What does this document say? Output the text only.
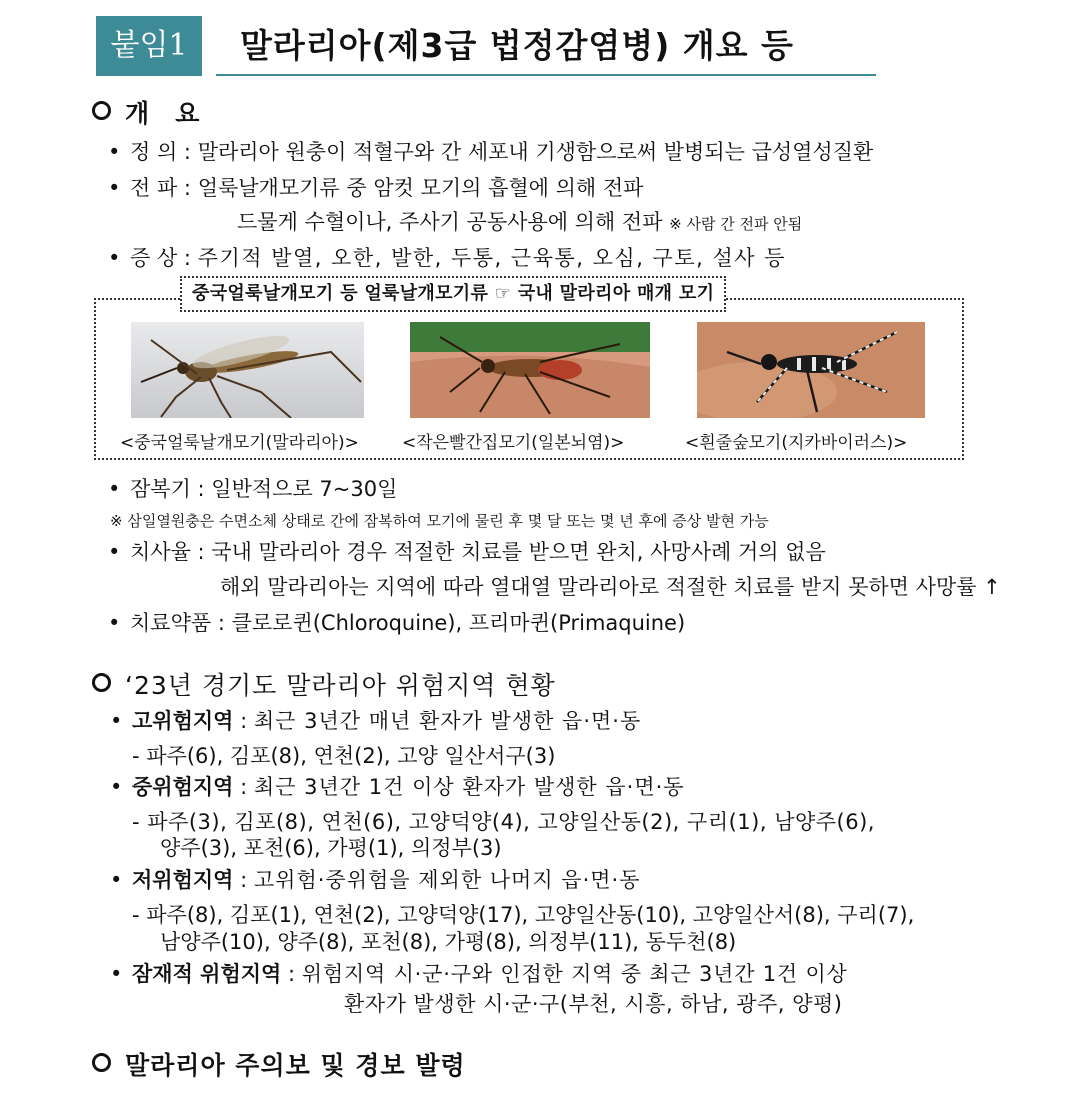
붙임1	말라리아(제3급 법정감염병) 개요 등
개   요
• 정 의 : 말라리아 원충이 적혈구와 간 세포내 기생함으로써 발병되는 급성열성질환
• 전 파 : 얼룩날개모기류 중 암컷 모기의 흡혈에 의해 전파
드물게 수혈이나, 주사기 공동사용에 의해 전파 ※ 사람 간 전파 안됨
• 증 상 : 주기적 발열, 오한, 발한, 두통, 근육통, 오심, 구토, 설사 등
중국얼룩날개모기 등 얼룩날개모기류 ☞ 국내 말라리아 매개 모기
<중국얼룩날개모기(말라리아)>	<작은빨간집모기(일본뇌염)>	<흰줄숲모기(지카바이러스)>
• 잠복기 : 일반적으로 7~30일
※ 삼일열원충은 수면소체 상태로 간에 잠복하여 모기에 물린 후 몇 달 또는 몇 년 후에 증상 발현 가능
• 치사율 : 국내 말라리아 경우 적절한 치료를 받으면 완치, 사망사례 거의 없음
해외 말라리아는 지역에 따라 열대열 말라리아로 적절한 치료를 받지 못하면 사망률 ↑
• 치료약품 : 클로로퀸(Chloroquine), 프리마퀸(Primaquine)
‘23년 경기도 말라리아 위험지역 현황
• 고위험지역 : 최근 3년간 매년 환자가 발생한 읍·면·동
- 파주(6), 김포(8), 연천(2), 고양 일산서구(3)
• 중위험지역 : 최근 3년간 1건 이상 환자가 발생한 읍·면·동
- 파주(3), 김포(8), 연천(6), 고양덕양(4), 고양일산동(2), 구리(1), 남양주(6),
양주(3), 포천(6), 가평(1), 의정부(3)
• 저위험지역 : 고위험·중위험을 제외한 나머지 읍·면·동
- 파주(8), 김포(1), 연천(2), 고양덕양(17), 고양일산동(10), 고양일산서(8), 구리(7),
남양주(10), 양주(8), 포천(8), 가평(8), 의정부(11), 동두천(8)
• 잠재적 위험지역 : 위험지역 시·군·구와 인접한 지역 중 최근 3년간 1건 이상
환자가 발생한 시·군·구(부천, 시흥, 하남, 광주, 양평)
말라리아 주의보 및 경보 발령
